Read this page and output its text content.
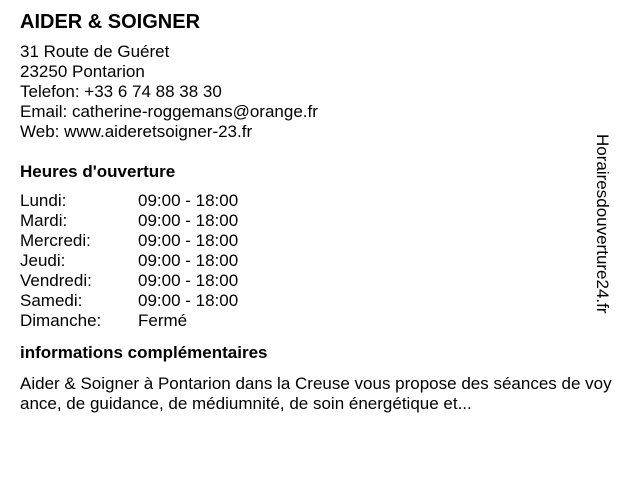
AIDER & SOIGNER
31 Route de Guéret
23250 Pontarion
Telefon: +33 6 74 88 38 30
Email: catherine-roggemans@orange.fr
Web: www.aideretsoigner-23.fr
Heures d'ouverture
Lundi:	09:00 - 18:00
Mardi:	09:00 - 18:00
Mercredi:	09:00 - 18:00
Jeudi:	09:00 - 18:00
Vendredi:	09:00 - 18:00
Samedi:	09:00 - 18:00
Dimanche:	Fermé
informations complémentaires
Aider & Soigner à Pontarion dans la Creuse vous propose des séances de voyance, de guidance, de médiumnité, de soin énergétique et...
Horairesdouverture24.fr
